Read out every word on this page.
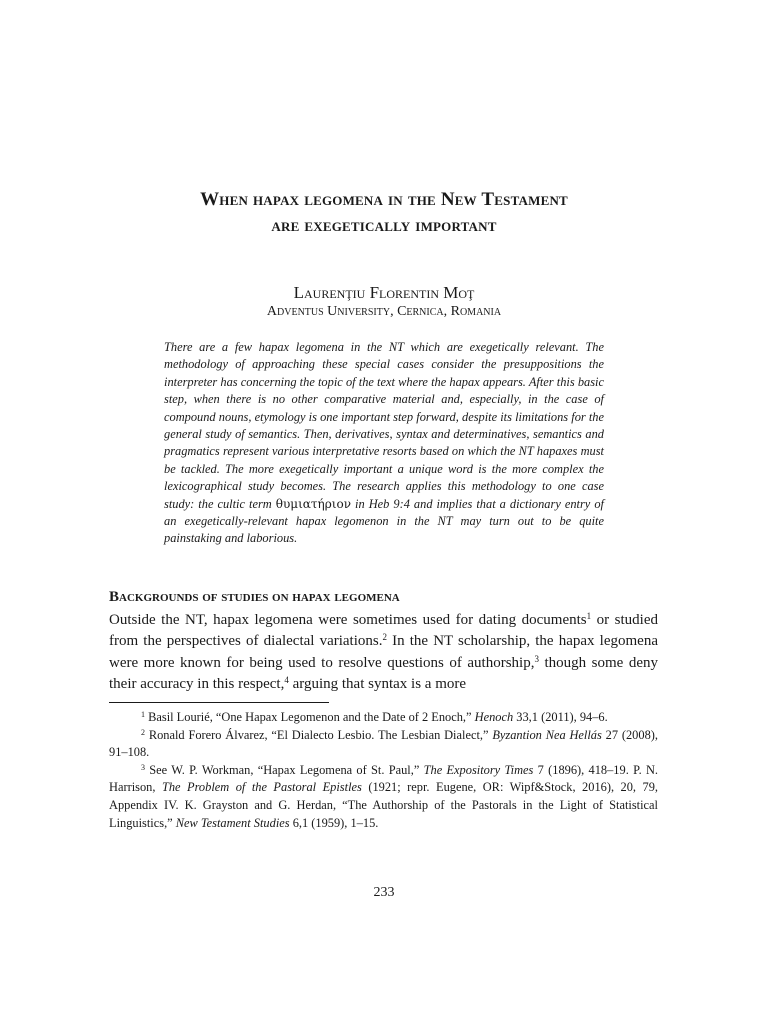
When hapax legomena in the New Testament
are exegetically important
Laurenţiu Florentin Moţ
Adventus University, Cernica, Romania

There are a few hapax legomena in the NT which are exegetically relevant. The methodology of approaching these special cases consider the presuppositions the interpreter has concerning the topic of the text where the hapax appears. After this basic step, when there is no other comparative material and, especially, in the case of compound nouns, etymology is one important step forward, despite its limitations for the general study of semantics. Then, derivatives, syntax and determinatives, semantics and pragmatics represent various interpretative resorts based on which the NT hapaxes must be tackled. The more exegetically important a unique word is the more complex the lexicographical study becomes. The research applies this methodology to one case study: the cultic term θυμιατήριον in Heb 9:4 and implies that a dictionary entry of an exegetically-relevant hapax legomenon in the NT may turn out to be quite painstaking and laborious.

Backgrounds of studies on hapax legomena

Outside the NT, hapax legomena were sometimes used for dating documents$^1$ or studied from the perspectives of dialectal variations.$^2$ In the NT scholarship, the hapax legomena were more known for being used to resolve questions of authorship,$^3$ though some deny their accuracy in this respect,$^4$ arguing that syntax is a more

$^1$ Basil Lourié, “One Hapax Legomenon and the Date of 2 Enoch,” Henoch 33,1 (2011), 94–6.

$^2$ Ronald Forero Álvarez, “El Dialecto Lesbio. The Lesbian Dialect,” Byzantion Nea Hellás 27 (2008), 91–108.

$^3$ See W. P. Workman, “Hapax Legomena of St. Paul,” The Expository Times 7 (1896), 418–19. P. N. Harrison, The Problem of the Pastoral Epistles (1921; repr. Eugene, OR: Wipf&Stock, 2016), 20, 79, Appendix IV. K. Grayston and G. Herdan, “The Authorship of the Pastorals in the Light of Statistical Linguistics,” New Testament Studies 6,1 (1959), 1–15.

233
